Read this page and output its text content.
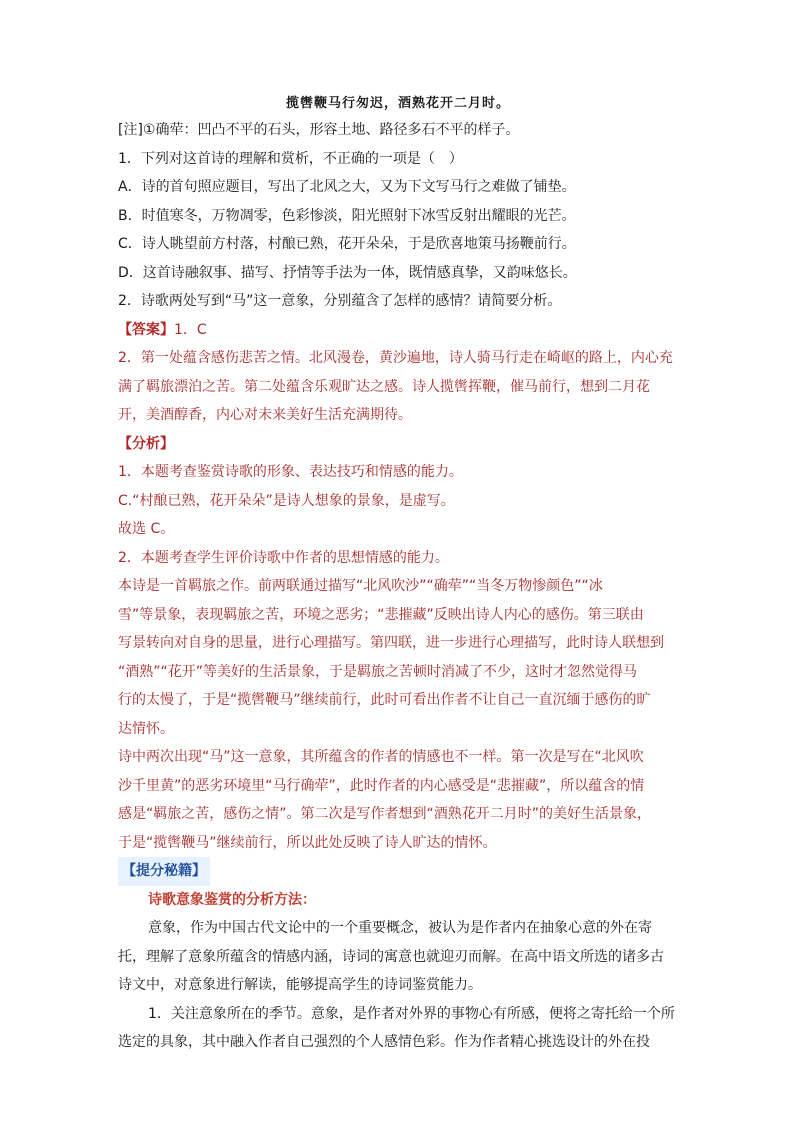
揽辔鞭马行匆迟，酒熟花开二月时。

[注]①确荦：凹凸不平的石头，形容土地、路径多石不平的样子。

1．下列对这首诗的理解和赏析，不正确的一项是（　）

A．诗的首句照应题目，写出了北风之大，又为下文写马行之难做了铺垫。

B．时值寒冬，万物凋零，色彩惨淡，阳光照射下冰雪反射出耀眼的光芒。

C．诗人眺望前方村落，村酿已熟，花开朵朵，于是欣喜地策马扬鞭前行。

D．这首诗融叙事、描写、抒情等手法为一体，既情感真挚，又韵味悠长。

2．诗歌两处写到“马”这一意象，分别蕴含了怎样的感情？请简要分析。

【答案】1．C

2．第一处蕴含感伤悲苦之情。北风漫卷，黄沙遍地，诗人骑马行走在崎岖的路上，内心充

满了羁旅漂泊之苦。第二处蕴含乐观旷达之感。诗人揽辔挥鞭，催马前行，想到二月花

开，美酒醇香，内心对未来美好生活充满期待。

【分析】

1．本题考查鉴赏诗歌的形象、表达技巧和情感的能力。

C.“村酿已熟，花开朵朵”是诗人想象的景象，是虚写。

故选 C。

2．本题考查学生评价诗歌中作者的思想情感的能力。

本诗是一首羁旅之作。前两联通过描写“北风吹沙”“确荦”“当冬万物惨颜色”“冰

雪”等景象，表现羁旅之苦，环境之恶劣；“悲摧藏”反映出诗人内心的感伤。第三联由

写景转向对自身的思量，进行心理描写。第四联，进一步进行心理描写，此时诗人联想到

“酒熟”“花开”等美好的生活景象，于是羁旅之苦顿时消减了不少，这时才忽然觉得马

行的太慢了，于是“揽辔鞭马”继续前行，此时可看出作者不让自己一直沉缅于感伤的旷

达情怀。

诗中两次出现“马”这一意象，其所蕴含的作者的情感也不一样。第一次是写在“北风吹

沙千里黄”的恶劣环境里“马行确荦”，此时作者的内心感受是“悲摧藏”，所以蕴含的情

感是“羁旅之苦，感伤之情”。第二次是写作者想到“酒熟花开二月时”的美好生活景象，

于是“揽辔鞭马”继续前行，所以此处反映了诗人旷达的情怀。

【提分秘籍】

诗歌意象鉴赏的分析方法：

意象，作为中国古代文论中的一个重要概念，被认为是作者内在抽象心意的外在寄

托，理解了意象所蕴含的情感内涵，诗词的寓意也就迎刃而解。在高中语文所选的诸多古

诗文中，对意象进行解读，能够提高学生的诗词鉴赏能力。

1．关注意象所在的季节。意象，是作者对外界的事物心有所感，便将之寄托给一个所

选定的具象，其中融入作者自己强烈的个人感情色彩。作为作者精心挑选设计的外在投
